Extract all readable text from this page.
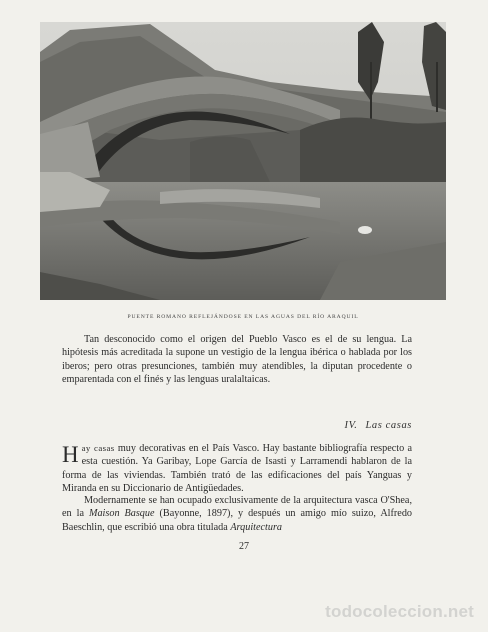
PUENTE ROMANO REFLEJÁNDOSE EN LAS AGUAS DEL RÍO ARAQUIL

Tan desconocido como el origen del Pueblo Vasco es el de su lengua. La hipótesis más acreditada la supone un vestigio de la lengua ibérica o hablada por los iberos; pero otras presunciones, también muy atendibles, la diputan procedente o emparentada con el finés y las lenguas uralaltaicas.

IV. Las casas

Hay casas muy decorativas en el País Vasco. Hay bastante bibliografía respecto a esta cuestión. Ya Garibay, Lope García de Isasti y Larramendi hablaron de la forma de las viviendas. También trató de las edificaciones del país Yanguas y Miranda en su Diccionario de Antigüedades.

Modernamente se han ocupado exclusivamente de la arquitectura vasca O'Shea, en la Maison Basque (Bayonne, 1897), y después un amigo mío suizo, Alfredo Baeschlin, que escribió una obra titulada Arquitectura

27
todocoleccion.net
